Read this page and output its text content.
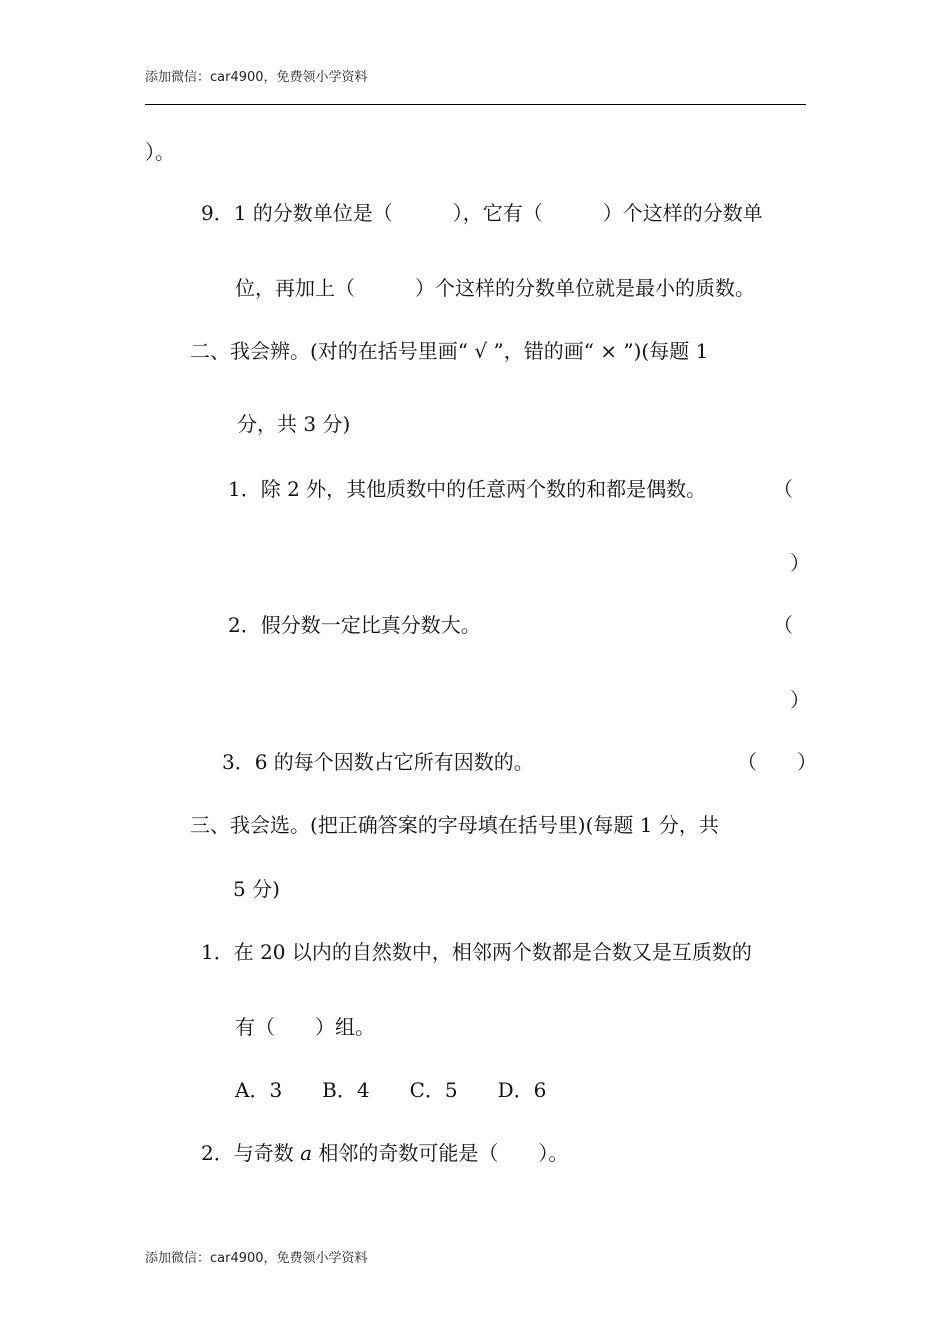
添加微信：car4900，免费领小学资料
）。
9．1 的分数单位是（　　　），它有（　　　）个这样的分数单
位，再加上（　　　）个这样的分数单位就是最小的质数。
二、我会辨。(对的在括号里画“ √ ”，错的画“ × ”)(每题 1
分，共 3 分)
1．除 2 外，其他质数中的任意两个数的和都是偶数。	（
）
2．假分数一定比真分数大。	（
）
3．6 的每个因数占它所有因数的。	（　　）
三、我会选。(把正确答案的字母填在括号里)(每题 1 分，共
5 分)
1．在 20 以内的自然数中，相邻两个数都是合数又是互质数的
有（　　）组。
A．3 B．4 C．5 D．6
2．与奇数 a 相邻的奇数可能是（　　）。
添加微信：car4900，免费领小学资料
